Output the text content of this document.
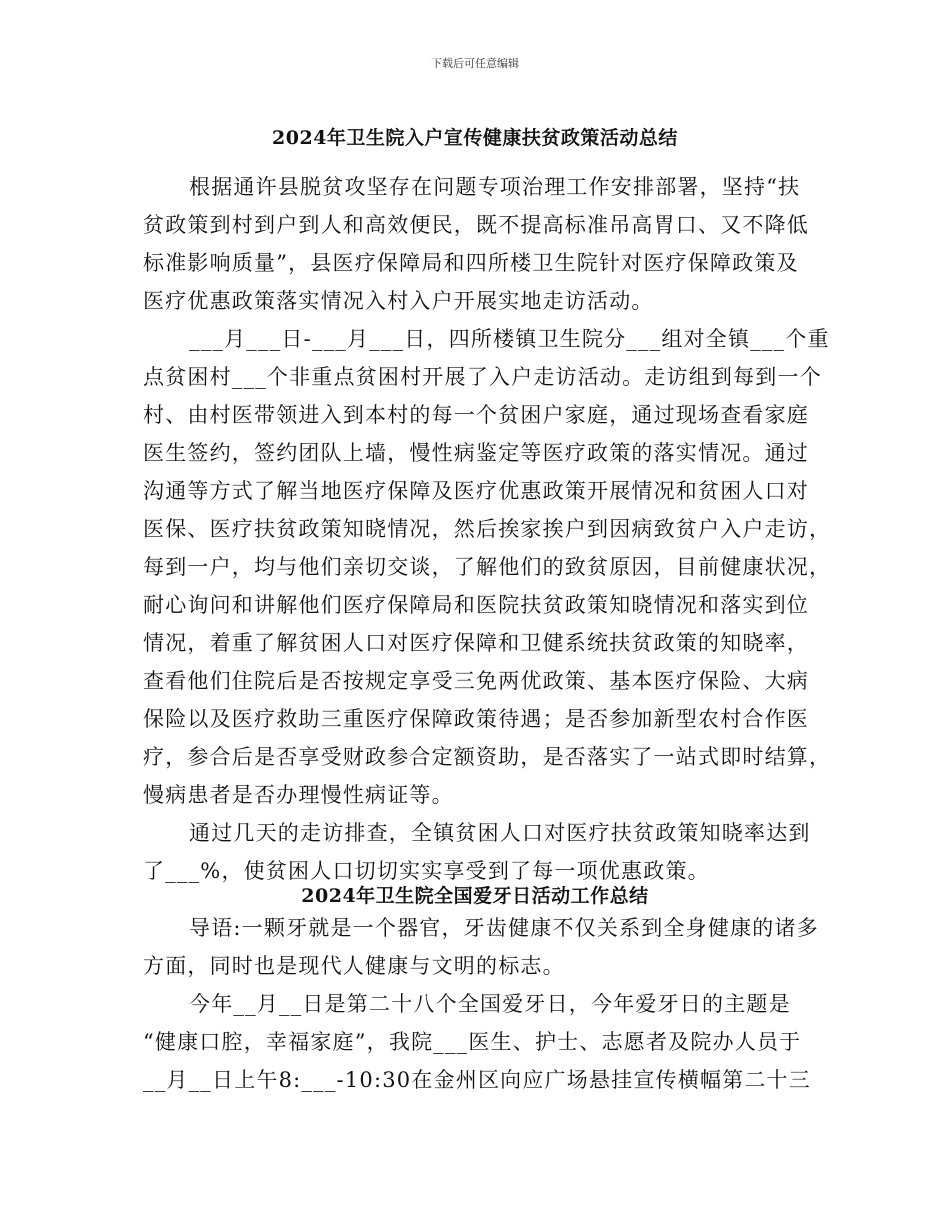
下载后可任意编辑
2024年卫生院入户宣传健康扶贫政策活动总结
根据通许县脱贫攻坚存在问题专项治理工作安排部署，坚持“扶
贫政策到村到户到人和高效便民，既不提高标准吊高胃口、又不降低
标准影响质量”，县医疗保障局和四所楼卫生院针对医疗保障政策及
医疗优惠政策落实情况入村入户开展实地走访活动。
___月___日-___月___日，四所楼镇卫生院分___组对全镇___个重
点贫困村___个非重点贫困村开展了入户走访活动。走访组到每到一个
村、由村医带领进入到本村的每一个贫困户家庭，通过现场查看家庭
医生签约，签约团队上墙，慢性病鉴定等医疗政策的落实情况。通过
沟通等方式了解当地医疗保障及医疗优惠政策开展情况和贫困人口对
医保、医疗扶贫政策知晓情况，然后挨家挨户到因病致贫户入户走访，
每到一户，均与他们亲切交谈，了解他们的致贫原因，目前健康状况，
耐心询问和讲解他们医疗保障局和医院扶贫政策知晓情况和落实到位
情况，着重了解贫困人口对医疗保障和卫健系统扶贫政策的知晓率，
查看他们住院后是否按规定享受三免两优政策、基本医疗保险、大病
保险以及医疗救助三重医疗保障政策待遇；是否参加新型农村合作医
疗，参合后是否享受财政参合定额资助，是否落实了一站式即时结算，
慢病患者是否办理慢性病证等。
通过几天的走访排查，全镇贫困人口对医疗扶贫政策知晓率达到
了___%，使贫困人口切切实实享受到了每一项优惠政策。
2024年卫生院全国爱牙日活动工作总结
导语:一颗牙就是一个器官，牙齿健康不仅关系到全身健康的诸多
方面，同时也是现代人健康与文明的标志。
今年__月__日是第二十八个全国爱牙日，今年爱牙日的主题是
“健康口腔，幸福家庭”，我院___医生、护士、志愿者及院办人员于
__月__日上午8:___-10:30在金州区向应广场悬挂宣传横幅第二十三
